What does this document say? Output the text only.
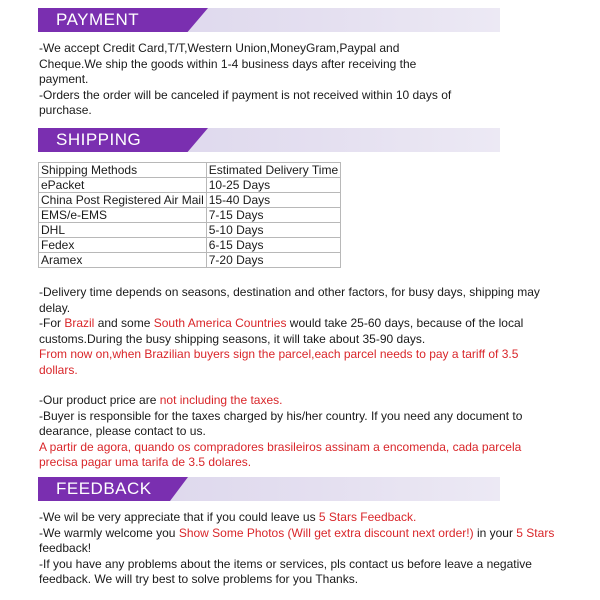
PAYMENT

-We accept Credit Card,T/T,Western Union,MoneyGram,Paypal and Cheque.We ship the goods within 1-4 business days after receiving the payment.

-Orders the order will be canceled if payment is not received within 10 days of purchase.

SHIPPING
Shipping Methods	Estimated Delivery Time
ePacket	10-25 Days
China Post Registered Air Mail	15-40 Days
EMS/e-EMS	7-15 Days
DHL	5-10 Days
Fedex	6-15 Days
Aramex	7-20 Days

-Delivery time depends on seasons, destination and other factors, for busy days, shipping may delay.

-For Brazil and some South America Countries would take 25-60 days, because of the local customs.During the busy shipping seasons, it will take about 35-90 days.

From now on,when Brazilian buyers sign the parcel,each parcel needs to pay a tariff of 3.5 dollars.

-Our product price are not including the taxes.

-Buyer is responsible for the taxes charged by his/her country. If you need any document to dearance, please contact to us.

A partir de agora, quando os compradores brasileiros assinam a encomenda, cada parcela precisa pagar uma tarifa de 3.5 dolares.

FEEDBACK

-We wil be very appreciate that if you could leave us 5 Stars Feedback.

-We warmly welcome you Show Some Photos (Will get extra discount next order!) in your 5 Stars feedback!

-If you have any problems about the items or services, pls contact us before leave a negative feedback. We will try best to solve problems for you Thanks.
